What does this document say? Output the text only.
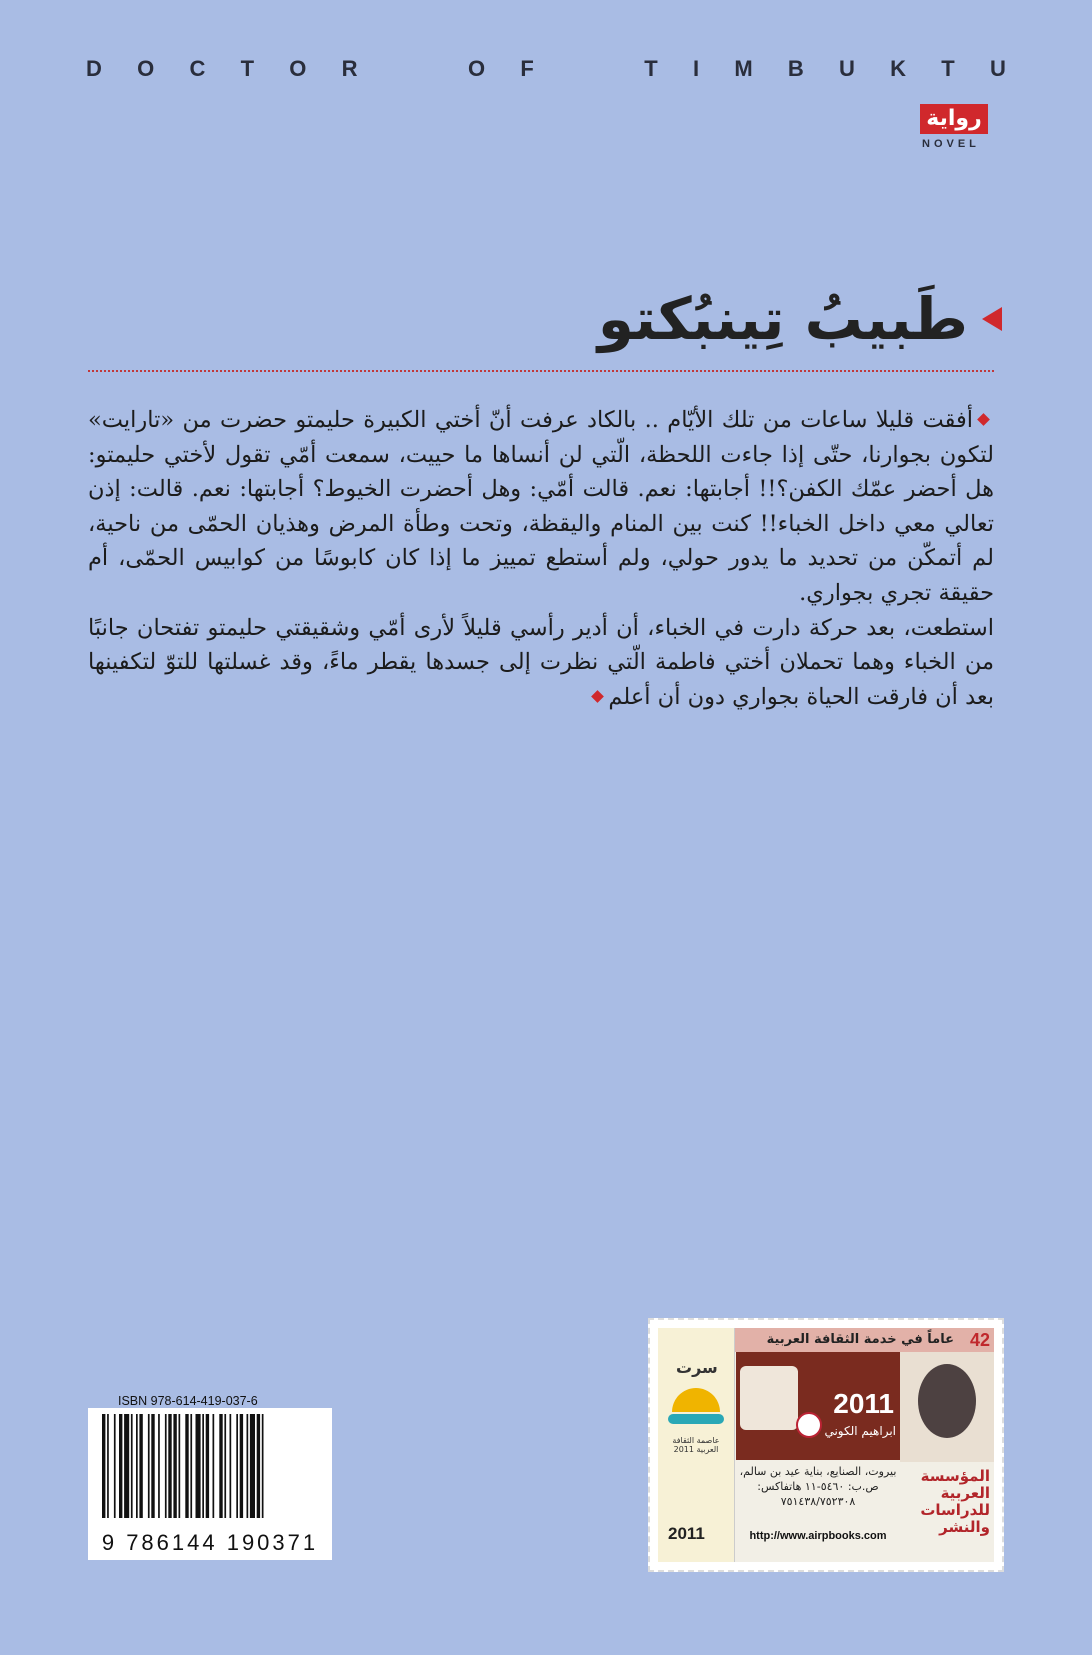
D O C T O R	O F	T I M B U K T U
رواية
NOVEL
طَبيبُ تِينبُكتو

أفقت قليلا ساعات من تلك الأيّام .. بالكاد عرفت أنّ أختي الكبيرة حليمتو حضرت من «تارايت» لتكون بجوارنا، حتّى إذا جاءت اللحظة، الّتي لن أنساها ما حييت، سمعت أمّي تقول لأختي حليمتو: هل أحضر عمّك الكفن؟!! أجابتها: نعم. قالت أمّي: وهل أحضرت الخيوط؟ أجابتها: نعم. قالت: إذن تعالي معي داخل الخباء!! كنت بين المنام واليقظة، وتحت وطأة المرض وهذيان الحمّى من ناحية، لم أتمكّن من تحديد ما يدور حولي، ولم أستطع تمييز ما إذا كان كابوسًا من كوابيس الحمّى، أم حقيقة تجري بجواري.

استطعت، بعد حركة دارت في الخباء، أن أدير رأسي قليلاً لأرى أمّي وشقيقتي حليمتو تفتحان جانبًا من الخباء وهما تحملان أختي فاطمة الّتي نظرت إلى جسدها يقطر ماءً، وقد غسلتها للتوّ لتكفينها بعد أن فارقت الحياة بجواري دون أن أعلم

ISBN 978-614-419-037-6
9 786144 190371
عاماً في خدمة الثقافة العربية 42
سرت
عاصمة الثقافة العربية 2011
2011
2011
ابراهيم الكوني
بيروت، الصنايع، بناية عيد بن سالم، ص.ب: ٥٤٦٠-١١ هاتفاكس: ٧٥١٤٣٨/٧٥٢٣٠٨
http://www.airpbooks.com
المؤسسة العربية للدراسات والنشر
